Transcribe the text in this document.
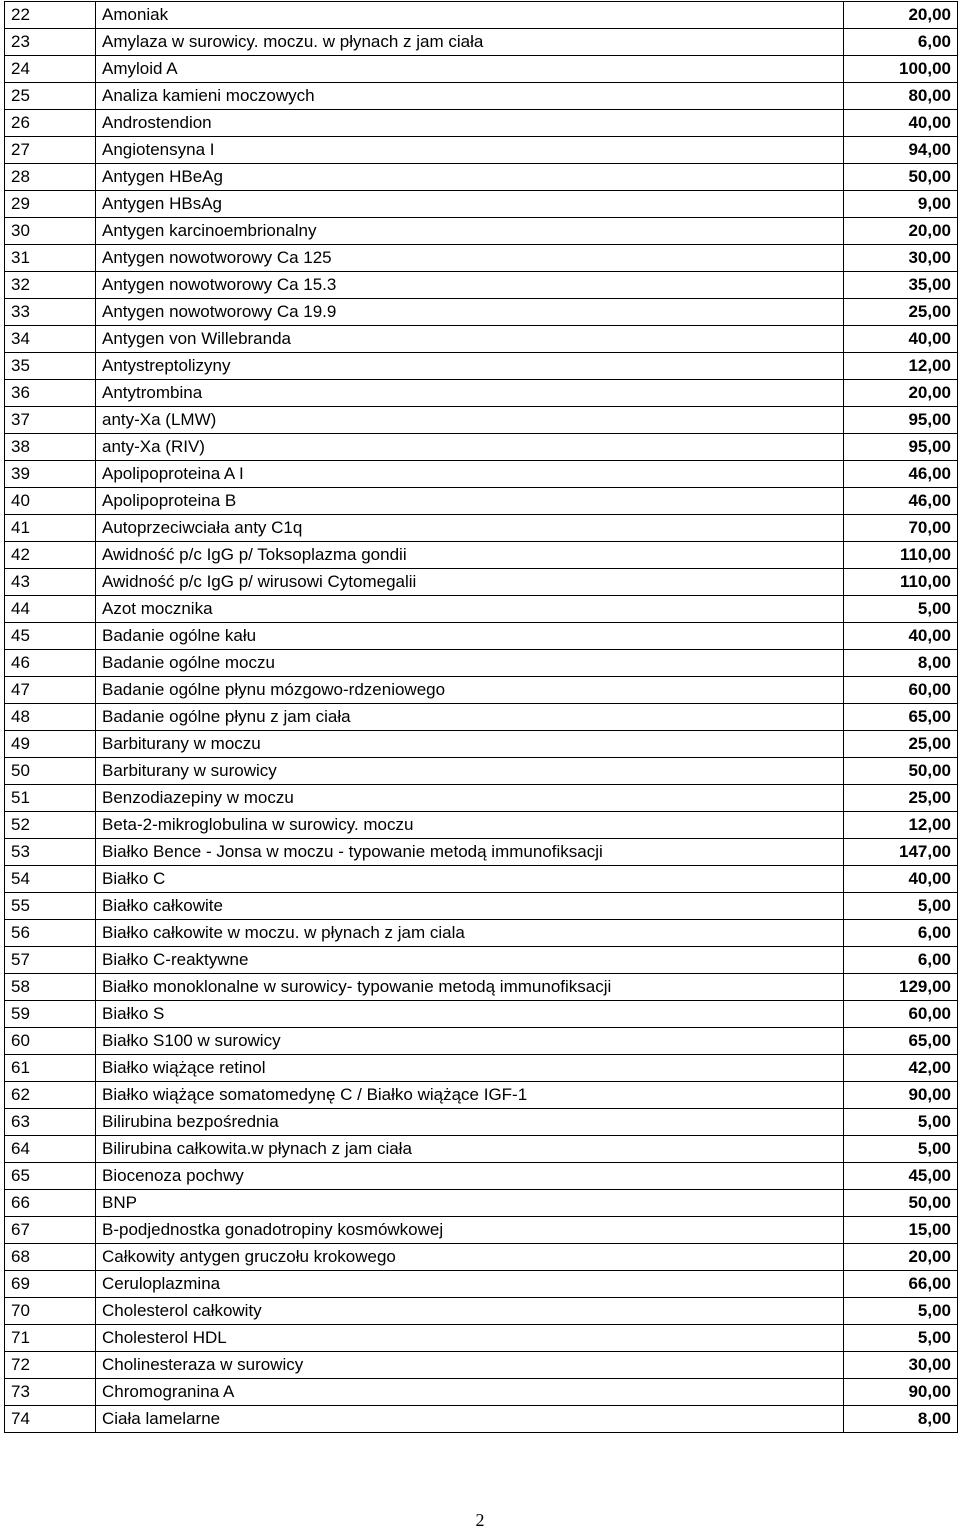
22	Amoniak	20,00
23	Amylaza w surowicy. moczu. w płynach z jam ciała	6,00
24	Amyloid A	100,00
25	Analiza kamieni moczowych	80,00
26	Androstendion	40,00
27	Angiotensyna I	94,00
28	Antygen HBeAg	50,00
29	Antygen HBsAg	9,00
30	Antygen karcinoembrionalny	20,00
31	Antygen nowotworowy Ca 125	30,00
32	Antygen nowotworowy Ca 15.3	35,00
33	Antygen nowotworowy Ca 19.9	25,00
34	Antygen von Willebranda	40,00
35	Antystreptolizyny	12,00
36	Antytrombina	20,00
37	anty-Xa (LMW)	95,00
38	anty-Xa (RIV)	95,00
39	Apolipoproteina A I	46,00
40	Apolipoproteina B	46,00
41	Autoprzeciwciała anty C1q	70,00
42	Awidność p/c IgG p/ Toksoplazma gondii	110,00
43	Awidność p/c IgG p/ wirusowi Cytomegalii	110,00
44	Azot mocznika	5,00
45	Badanie ogólne kału	40,00
46	Badanie ogólne moczu	8,00
47	Badanie ogólne płynu mózgowo-rdzeniowego	60,00
48	Badanie ogólne płynu z jam ciała	65,00
49	Barbiturany w moczu	25,00
50	Barbiturany w surowicy	50,00
51	Benzodiazepiny w moczu	25,00
52	Beta-2-mikroglobulina w surowicy. moczu	12,00
53	Białko Bence - Jonsa w moczu - typowanie metodą immunofiksacji	147,00
54	Białko C	40,00
55	Białko całkowite	5,00
56	Białko całkowite w moczu. w płynach z jam ciala	6,00
57	Białko C-reaktywne	6,00
58	Białko monoklonalne w surowicy- typowanie metodą immunofiksacji	129,00
59	Białko S	60,00
60	Białko S100 w surowicy	65,00
61	Białko wiążące retinol	42,00
62	Białko wiążące somatomedynę C / Białko wiążące IGF-1	90,00
63	Bilirubina bezpośrednia	5,00
64	Bilirubina całkowita.w płynach z jam ciała	5,00
65	Biocenoza pochwy	45,00
66	BNP	50,00
67	B-podjednostka gonadotropiny kosmówkowej	15,00
68	Całkowity antygen gruczołu krokowego	20,00
69	Ceruloplazmina	66,00
70	Cholesterol całkowity	5,00
71	Cholesterol HDL	5,00
72	Cholinesteraza w surowicy	30,00
73	Chromogranina A	90,00
74	Ciała lamelarne	8,00
2
